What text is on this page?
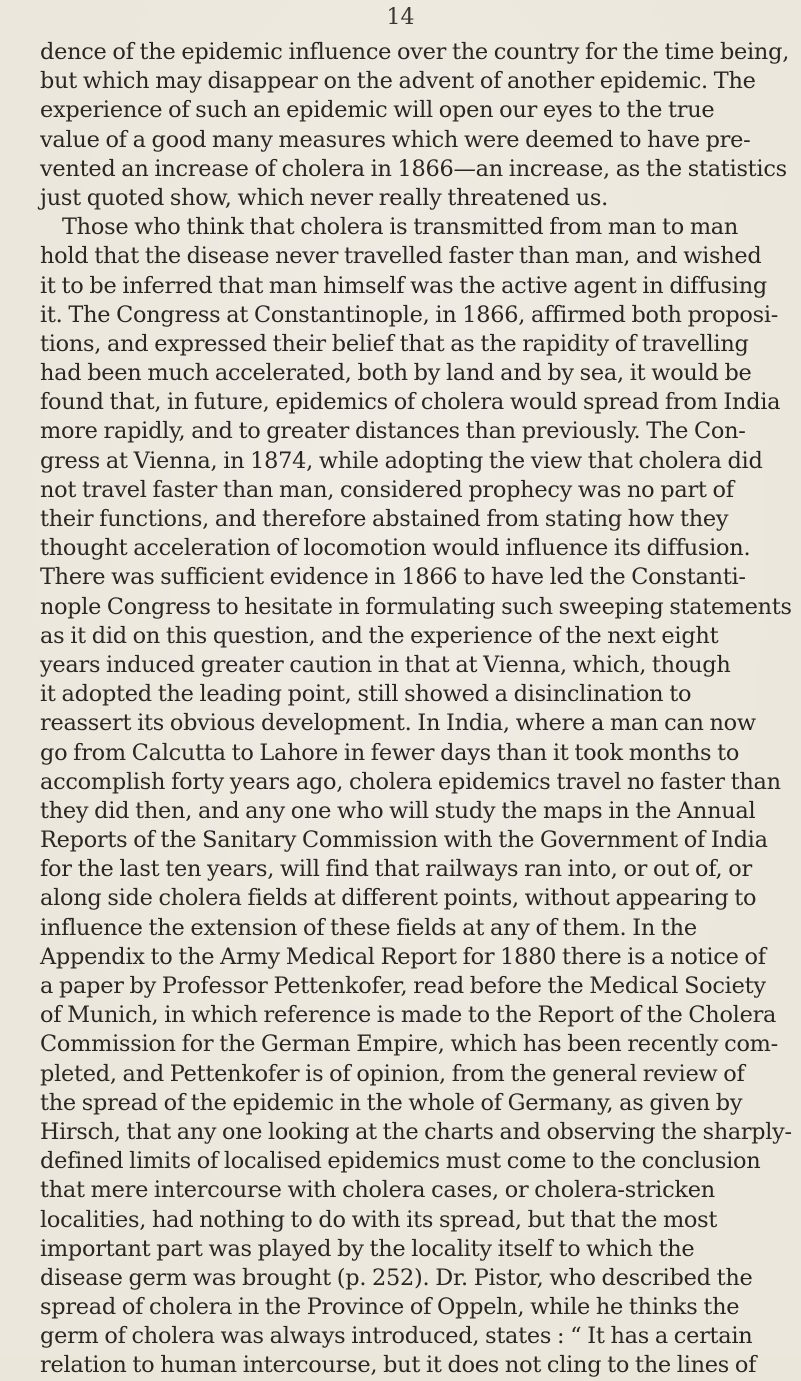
14
dence of the epidemic influence over the country for the time being,
but which may disappear on the advent of another epidemic. The
experience of such an epidemic will open our eyes to the true
value of a good many measures which were deemed to have pre-
vented an increase of cholera in 1866—an increase, as the statistics
just quoted show, which never really threatened us.
Those who think that cholera is transmitted from man to man
hold that the disease never travelled faster than man, and wished
it to be inferred that man himself was the active agent in diffusing
it. The Congress at Constantinople, in 1866, affirmed both proposi-
tions, and expressed their belief that as the rapidity of travelling
had been much accelerated, both by land and by sea, it would be
found that, in future, epidemics of cholera would spread from India
more rapidly, and to greater distances than previously. The Con-
gress at Vienna, in 1874, while adopting the view that cholera did
not travel faster than man, considered prophecy was no part of
their functions, and therefore abstained from stating how they
thought acceleration of locomotion would influence its diffusion.
There was sufficient evidence in 1866 to have led the Constanti-
nople Congress to hesitate in formulating such sweeping statements
as it did on this question, and the experience of the next eight
years induced greater caution in that at Vienna, which, though
it adopted the leading point, still showed a disinclination to
reassert its obvious development. In India, where a man can now
go from Calcutta to Lahore in fewer days than it took months to
accomplish forty years ago, cholera epidemics travel no faster than
they did then, and any one who will study the maps in the Annual
Reports of the Sanitary Commission with the Government of India
for the last ten years, will find that railways ran into, or out of, or
along side cholera fields at different points, without appearing to
influence the extension of these fields at any of them. In the
Appendix to the Army Medical Report for 1880 there is a notice of
a paper by Professor Pettenkofer, read before the Medical Society
of Munich, in which reference is made to the Report of the Cholera
Commission for the German Empire, which has been recently com-
pleted, and Pettenkofer is of opinion, from the general review of
the spread of the epidemic in the whole of Germany, as given by
Hirsch, that any one looking at the charts and observing the sharply-
defined limits of localised epidemics must come to the conclusion
that mere intercourse with cholera cases, or cholera-stricken
localities, had nothing to do with its spread, but that the most
important part was played by the locality itself to which the
disease germ was brought (p. 252). Dr. Pistor, who described the
spread of cholera in the Province of Oppeln, while he thinks the
germ of cholera was always introduced, states : “ It has a certain
relation to human intercourse, but it does not cling to the lines of
